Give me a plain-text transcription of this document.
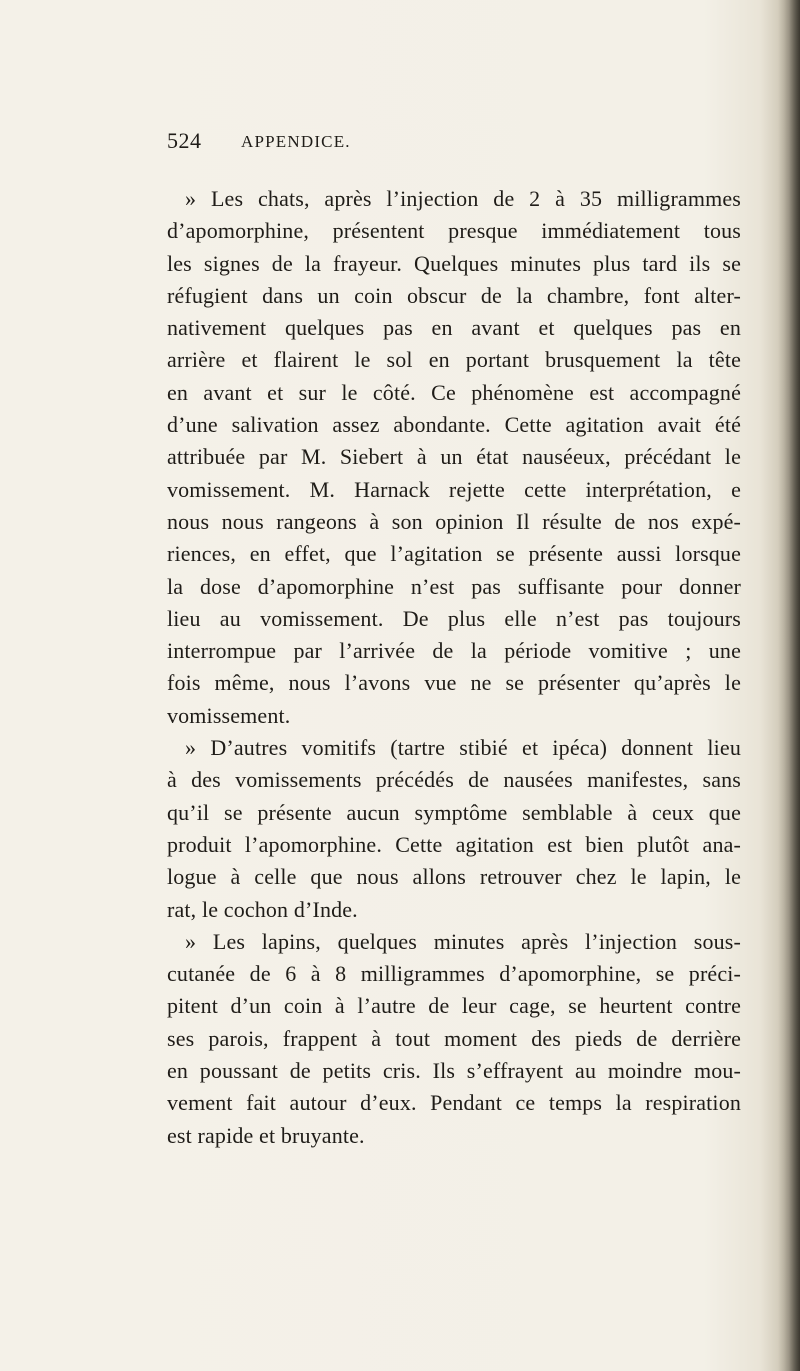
524 APPENDICE.
» Les chats, après l’injection de 2 à 35 milligrammes
d’apomorphine, présentent presque immédiatement tous
les signes de la frayeur. Quelques minutes plus tard ils se
réfugient dans un coin obscur de la chambre, font alter-
nativement quelques pas en avant et quelques pas en
arrière et flairent le sol en portant brusquement la tête
en avant et sur le côté. Ce phénomène est accompagné
d’une salivation assez abondante. Cette agitation avait été
attribuée par M. Siebert à un état nauséeux, précédant le
vomissement. M. Harnack rejette cette interprétation, e
nous nous rangeons à son opinion Il résulte de nos expé-
riences, en effet, que l’agitation se présente aussi lorsque
la dose d’apomorphine n’est pas suffisante pour donner
lieu au vomissement. De plus elle n’est pas toujours
interrompue par l’arrivée de la période vomitive ; une
fois même, nous l’avons vue ne se présenter qu’après le
vomissement.
» D’autres vomitifs (tartre stibié et ipéca) donnent lieu
à des vomissements précédés de nausées manifestes, sans
qu’il se présente aucun symptôme semblable à ceux que
produit l’apomorphine. Cette agitation est bien plutôt ana-
logue à celle que nous allons retrouver chez le lapin, le
rat, le cochon d’Inde.
» Les lapins, quelques minutes après l’injection sous-
cutanée de 6 à 8 milligrammes d’apomorphine, se préci-
pitent d’un coin à l’autre de leur cage, se heurtent contre
ses parois, frappent à tout moment des pieds de derrière
en poussant de petits cris. Ils s’effrayent au moindre mou-
vement fait autour d’eux. Pendant ce temps la respiration
est rapide et bruyante.
